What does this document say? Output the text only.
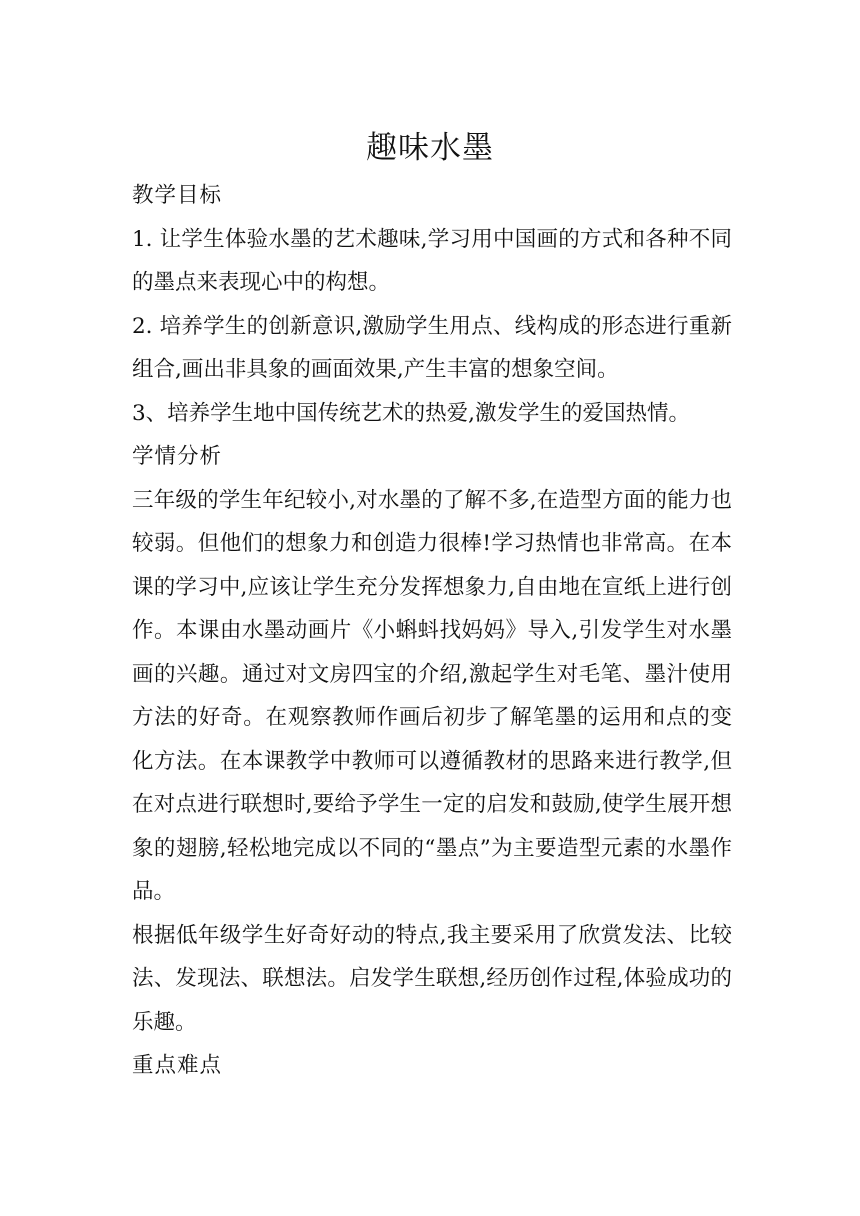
趣味水墨

教学目标

1. 让学生体验水墨的艺术趣味,学习用中国画的方式和各种不同的墨点来表现心中的构想。

2. 培养学生的创新意识,激励学生用点、线构成的形态进行重新组合,画出非具象的画面效果,产生丰富的想象空间。

3、培养学生地中国传统艺术的热爱,激发学生的爱国热情。

学情分析

三年级的学生年纪较小,对水墨的了解不多,在造型方面的能力也较弱。但他们的想象力和创造力很棒!学习热情也非常高。在本课的学习中,应该让学生充分发挥想象力,自由地在宣纸上进行创作。本课由水墨动画片《小蝌蚪找妈妈》导入,引发学生对水墨画的兴趣。通过对文房四宝的介绍,激起学生对毛笔、墨汁使用方法的好奇。在观察教师作画后初步了解笔墨的运用和点的变化方法。在本课教学中教师可以遵循教材的思路来进行教学,但在对点进行联想时,要给予学生一定的启发和鼓励,使学生展开想象的翅膀,轻松地完成以不同的“墨点”为主要造型元素的水墨作品。

根据低年级学生好奇好动的特点,我主要采用了欣赏发法、比较法、发现法、联想法。启发学生联想,经历创作过程,体验成功的乐趣。

重点难点
